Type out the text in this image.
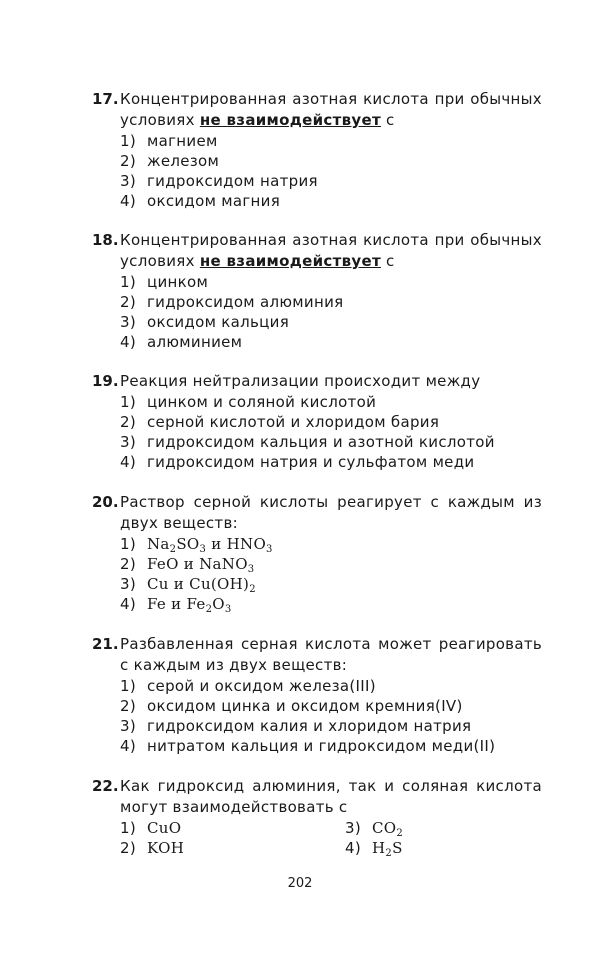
17. Концентрированная азотная кислота при обычных условиях не взаимодействует с
1) магнием
2) железом
3) гидроксидом натрия
4) оксидом магния
18. Концентрированная азотная кислота при обычных условиях не взаимодействует с
1) цинком
2) гидроксидом алюминия
3) оксидом кальция
4) алюминием
19. Реакция нейтрализации происходит между
1) цинком и соляной кислотой
2) серной кислотой и хлоридом бария
3) гидроксидом кальция и азотной кислотой
4) гидроксидом натрия и сульфатом меди
20. Раствор серной кислоты реагирует с каждым из двух веществ:
1) $Na_2SO_3$ и $HNO_3$
2) FeO и NaNO$_3$
3) Cu и $Cu(OH)_2$
4) Fe и $Fe_2O_3$
21. Разбавленная серная кислота может реагировать с каждым из двух веществ:
1) серой и оксидом железа(III)
2) оксидом цинка и оксидом кремния(IV)
3) гидроксидом калия и хлоридом натрия
4) нитратом кальция и гидроксидом меди(II)
22. Как гидроксид алюминия, так и соляная кислота могут взаимодействовать с
1) CuO	3) $CO_2$
2) KOH	4) $H_2S$
202
